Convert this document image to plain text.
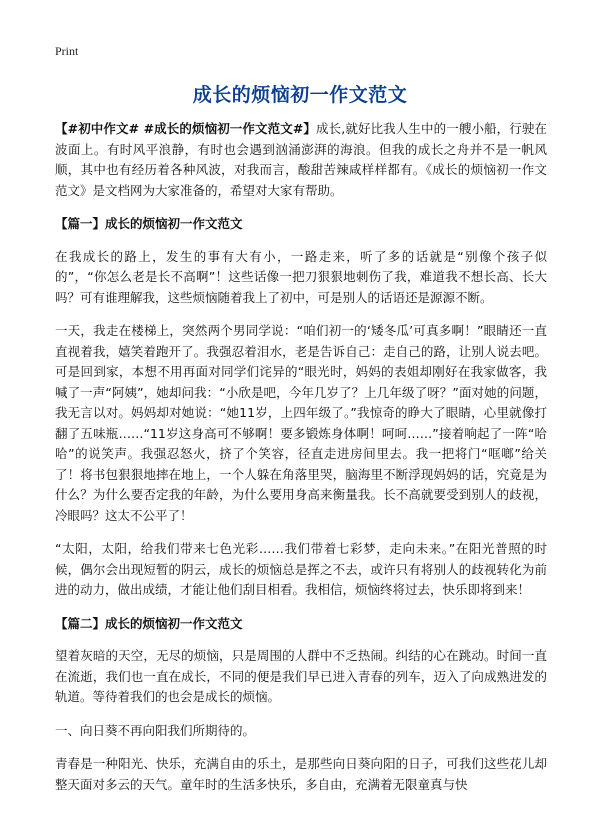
Print
成长的烦恼初一作文范文

【#初中作文# #成长的烦恼初一作文范文#】成长,就好比我人生中的一艘小船，行驶在波面上。有时风平浪静，有时也会遇到汹涌澎湃的海浪。但我的成长之舟并不是一帆风顺，其中也有经历着各种风波，对我而言，酸甜苦辣咸样样都有。《成长的烦恼初一作文范文》是文档网为大家准备的，希望对大家有帮助。

【篇一】成长的烦恼初一作文范文

在我成长的路上，发生的事有大有小，一路走来，听了多的话就是“别像个孩子似的”，“你怎么老是长不高啊”！这些话像一把刀狠狠地刺伤了我，难道我不想长高、长大吗？可有谁理解我，这些烦恼随着我上了初中，可是别人的话语还是源源不断。

一天，我走在楼梯上，突然两个男同学说：“咱们初一的‘矮冬瓜’可真多啊！”眼睛还一直直视着我，嬉笑着跑开了。我强忍着泪水，老是告诉自己：走自己的路，让别人说去吧。可是回到家，本想不用再面对同学们诧异的“眼光时，妈妈的表姐却刚好在我家做客，我喊了一声“阿姨”，她却问我：“小欣是吧，今年几岁了？上几年级了呀？”面对她的问题，我无言以对。妈妈却对她说：“她11岁，上四年级了。”我惊奇的睁大了眼睛，心里就像打翻了五味瓶……“11岁这身高可不够啊！要多锻炼身体啊！呵呵……”接着响起了一阵“哈哈”的说笑声。我强忍怒火，挤了个笑容，径直走进房间里去。我一把将门“哐啷”给关了！将书包狠狠地摔在地上，一个人躲在角落里哭，脑海里不断浮现妈妈的话，究竟是为什么？为什么要否定我的年龄，为什么要用身高来衡量我。长不高就要受到别人的歧视，冷眼吗？这太不公平了！

“太阳，太阳，给我们带来七色光彩……我们带着七彩梦，走向未来。”在阳光普照的时候，偶尔会出现短暂的阴云，成长的烦恼总是挥之不去，或许只有将别人的歧视转化为前进的动力，做出成绩，才能让他们刮目相看。我相信，烦恼终将过去，快乐即将到来！

【篇二】成长的烦恼初一作文范文

望着灰暗的天空，无尽的烦恼，只是周围的人群中不乏热闹。纠结的心在跳动。时间一直在流逝，我们也一直在成长，不同的便是我们早已进入青春的列车，迈入了向成熟进发的轨道。等待着我们的也会是成长的烦恼。

一、向日葵不再向阳我们所期待的。

青春是一种阳光、快乐，充满自由的乐土，是那些向日葵向阳的日子，可我们这些花儿却整天面对多云的天气。童年时的生活多快乐，多自由，充满着无限童真与快
